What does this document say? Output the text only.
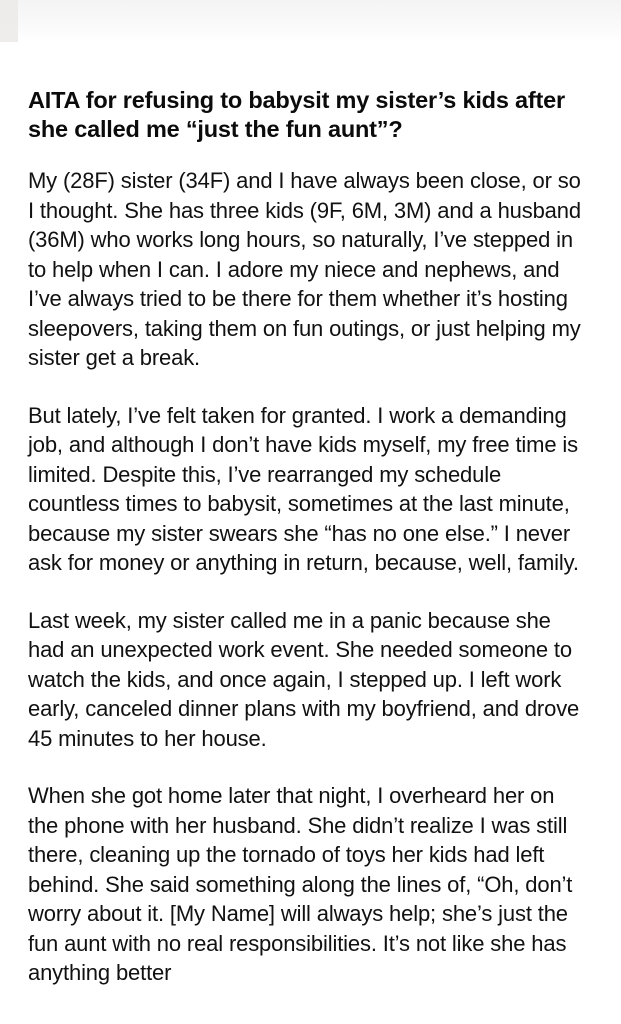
AITA for refusing to babysit my sister’s kids after she called me “just the fun aunt”?

My (28F) sister (34F) and I have always been close, or so I thought. She has three kids (9F, 6M, 3M) and a husband (36M) who works long hours, so naturally, I’ve stepped in to help when I can. I adore my niece and nephews, and I’ve always tried to be there for them whether it’s hosting sleepovers, taking them on fun outings, or just helping my sister get a break.

But lately, I’ve felt taken for granted. I work a demanding job, and although I don’t have kids myself, my free time is limited. Despite this, I’ve rearranged my schedule countless times to babysit, sometimes at the last minute, because my sister swears she “has no one else.” I never ask for money or anything in return, because, well, family.

Last week, my sister called me in a panic because she had an unexpected work event. She needed someone to watch the kids, and once again, I stepped up. I left work early, canceled dinner plans with my boyfriend, and drove 45 minutes to her house.

When she got home later that night, I overheard her on the phone with her husband. She didn’t realize I was still there, cleaning up the tornado of toys her kids had left behind. She said something along the lines of, “Oh, don’t worry about it. [My Name] will always help; she’s just the fun aunt with no real responsibilities. It’s not like she has anything better
